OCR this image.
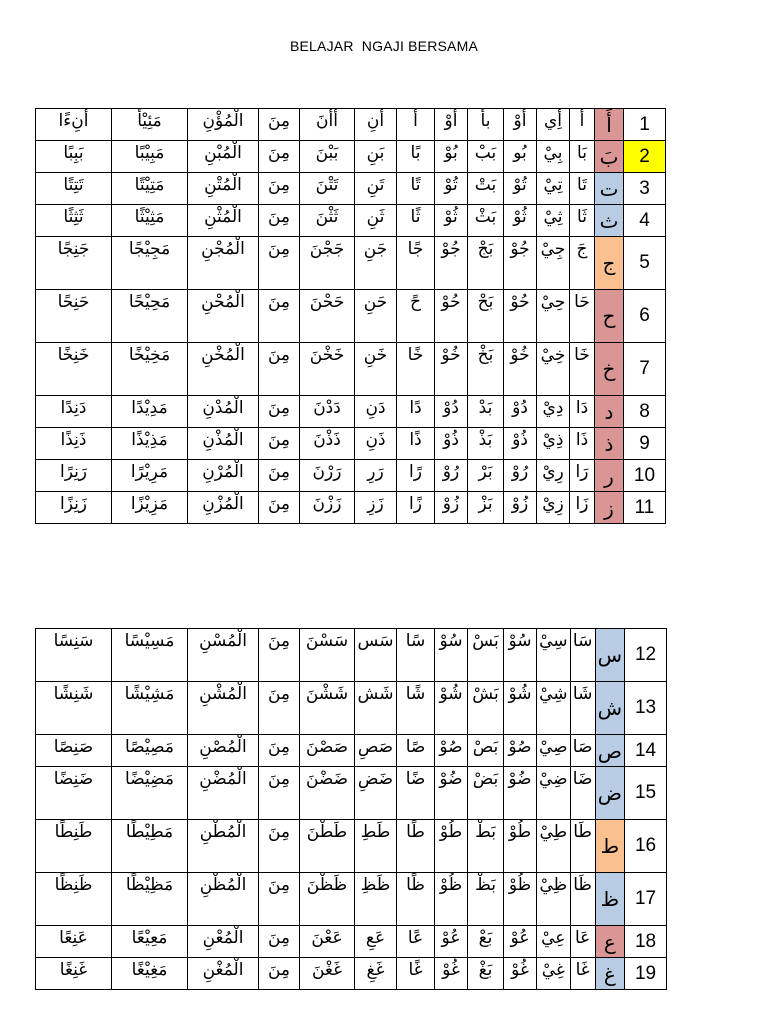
BELAJAR  NGAJI BERSAMA
أَنِءًا	مَئِيْأً	الْمُؤْنِ	مِنَ	أَأْنَ	أَنِ	أً	أُوْ	بأْ	أُوْ	أِي	أَ	أَ	1
بَبِبًا	مَبِيْبًا	الْمُبْنِ	مِنَ	بَبْنَ	بَنِ	بًا	بُوْ	بَبْ	بُو	بِيْ	بَا	بَ	2
تَتِتًا	مَتِيْتًا	الْمُتْنِ	مِنَ	تَتْنَ	تَنِ	تًا	تُوْ	بَتْ	تُوْ	تِيْ	تَا	ت	3
ثَثِثًا	مَثِيْثًا	الْمُثْنِ	مِنَ	ثَثْنَ	ثَنِ	ثًا	ثُوْ	بَثْ	ثُوْ	ثِيْ	ثَا	ث	4
جَنِجًا	مَجِيْجًا	الْمُجْنِ	مِنَ	جَجْنَ	جَنِ	جًا	جُوْ	بَجْ	جُوْ	جِيْ	جَ	ج	5
حَنِحًا	مَحِيْحًا	الْمُحْنِ	مِنَ	حَحْنَ	حَنِ	حً	حُوْ	بَحْ	حُوْ	حِيْ	حَا	ح	6
خَنِخًا	مَخِيْخًا	الْمُخْنِ	مِنَ	خَخْنَ	خَنِ	خًا	خُوْ	بَخْ	خُوْ	خِيْ	خَا	خ	7
دَنِدًا	مَدِيْدًا	الْمُدْنِ	مِنَ	دَدْنَ	دَنِ	دًا	دُوْ	بَدْ	دُوْ	دِيْ	دَا	د	8
ذَنِذًا	مَذِيْذًا	الْمُذْنِ	مِنَ	ذَذْنَ	ذَنِ	ذًا	ذُوْ	بَذْ	ذُوْ	ذِيْ	ذَا	ذ	9
رَنِرًا	مَرِيْرًا	الْمُرْنِ	مِنَ	رَرْنَ	رَرِ	رًا	رُوْ	بَرْ	رُوْ	رِيْ	رَا	ر	10
زَنِزًا	مَزِيْزًا	الْمُزْنِ	مِنَ	زَزْنَ	زَزِ	زًا	زُوْ	بَزْ	زُوْ	زِيْ	زَا	ز	11
سَنِسًا	مَسِيْسًا	الْمُسْنِ	مِنَ	سَسْنَ	سَس	سًا	سُوْ	بَسْ	سُوْ	سِيْ	سَا	س	12
شَنِشًا	مَشِيْشًا	الْمُشْنِ	مِنَ	شَشْنَ	شَش	شًا	شُوْ	بَشْ	شُوْ	شِيْ	شَا	ش	13
صَنِصًا	مَصِيْصًا	الْمُصْنِ	مِنَ	صَصْنَ	صَصِ	صًا	صُوْ	بَصْ	صُوْ	صِيْ	صَا	ص	14
ضَنِضًا	مَضِيْضًا	الْمُضْنِ	مِنَ	ضَضْنَ	ضَضِ	ضًا	ضُوْ	بَضْ	ضُوْ	ضِيْ	ضَا	ض	15
طَنِطًا	مَطِيْطًا	الْمُطْنِ	مِنَ	طَطْنَ	طَطِ	طًا	طُوْ	بَطْ	طُوْ	طِيْ	طَا	ط	16
ظَنِظًا	مَظِيْظًا	الْمُظْنِ	مِنَ	ظَظْنَ	ظَظِ	ظًا	ظُوْ	بَظْ	ظُوْ	ظِيْ	ظَا	ظ	17
عَنِعًا	مَعِيْعًا	الْمُعْنِ	مِنَ	عَعْنَ	عَعِ	عًا	عُوْ	بَعْ	عُوْ	عِيْ	عَا	ع	18
غَنِغًا	مَغِيْغًا	الْمُغْنِ	مِنَ	غَغْنَ	غَغِ	غًا	غُوْ	بَغْ	غُوْ	غِيْ	غَا	غ	19
